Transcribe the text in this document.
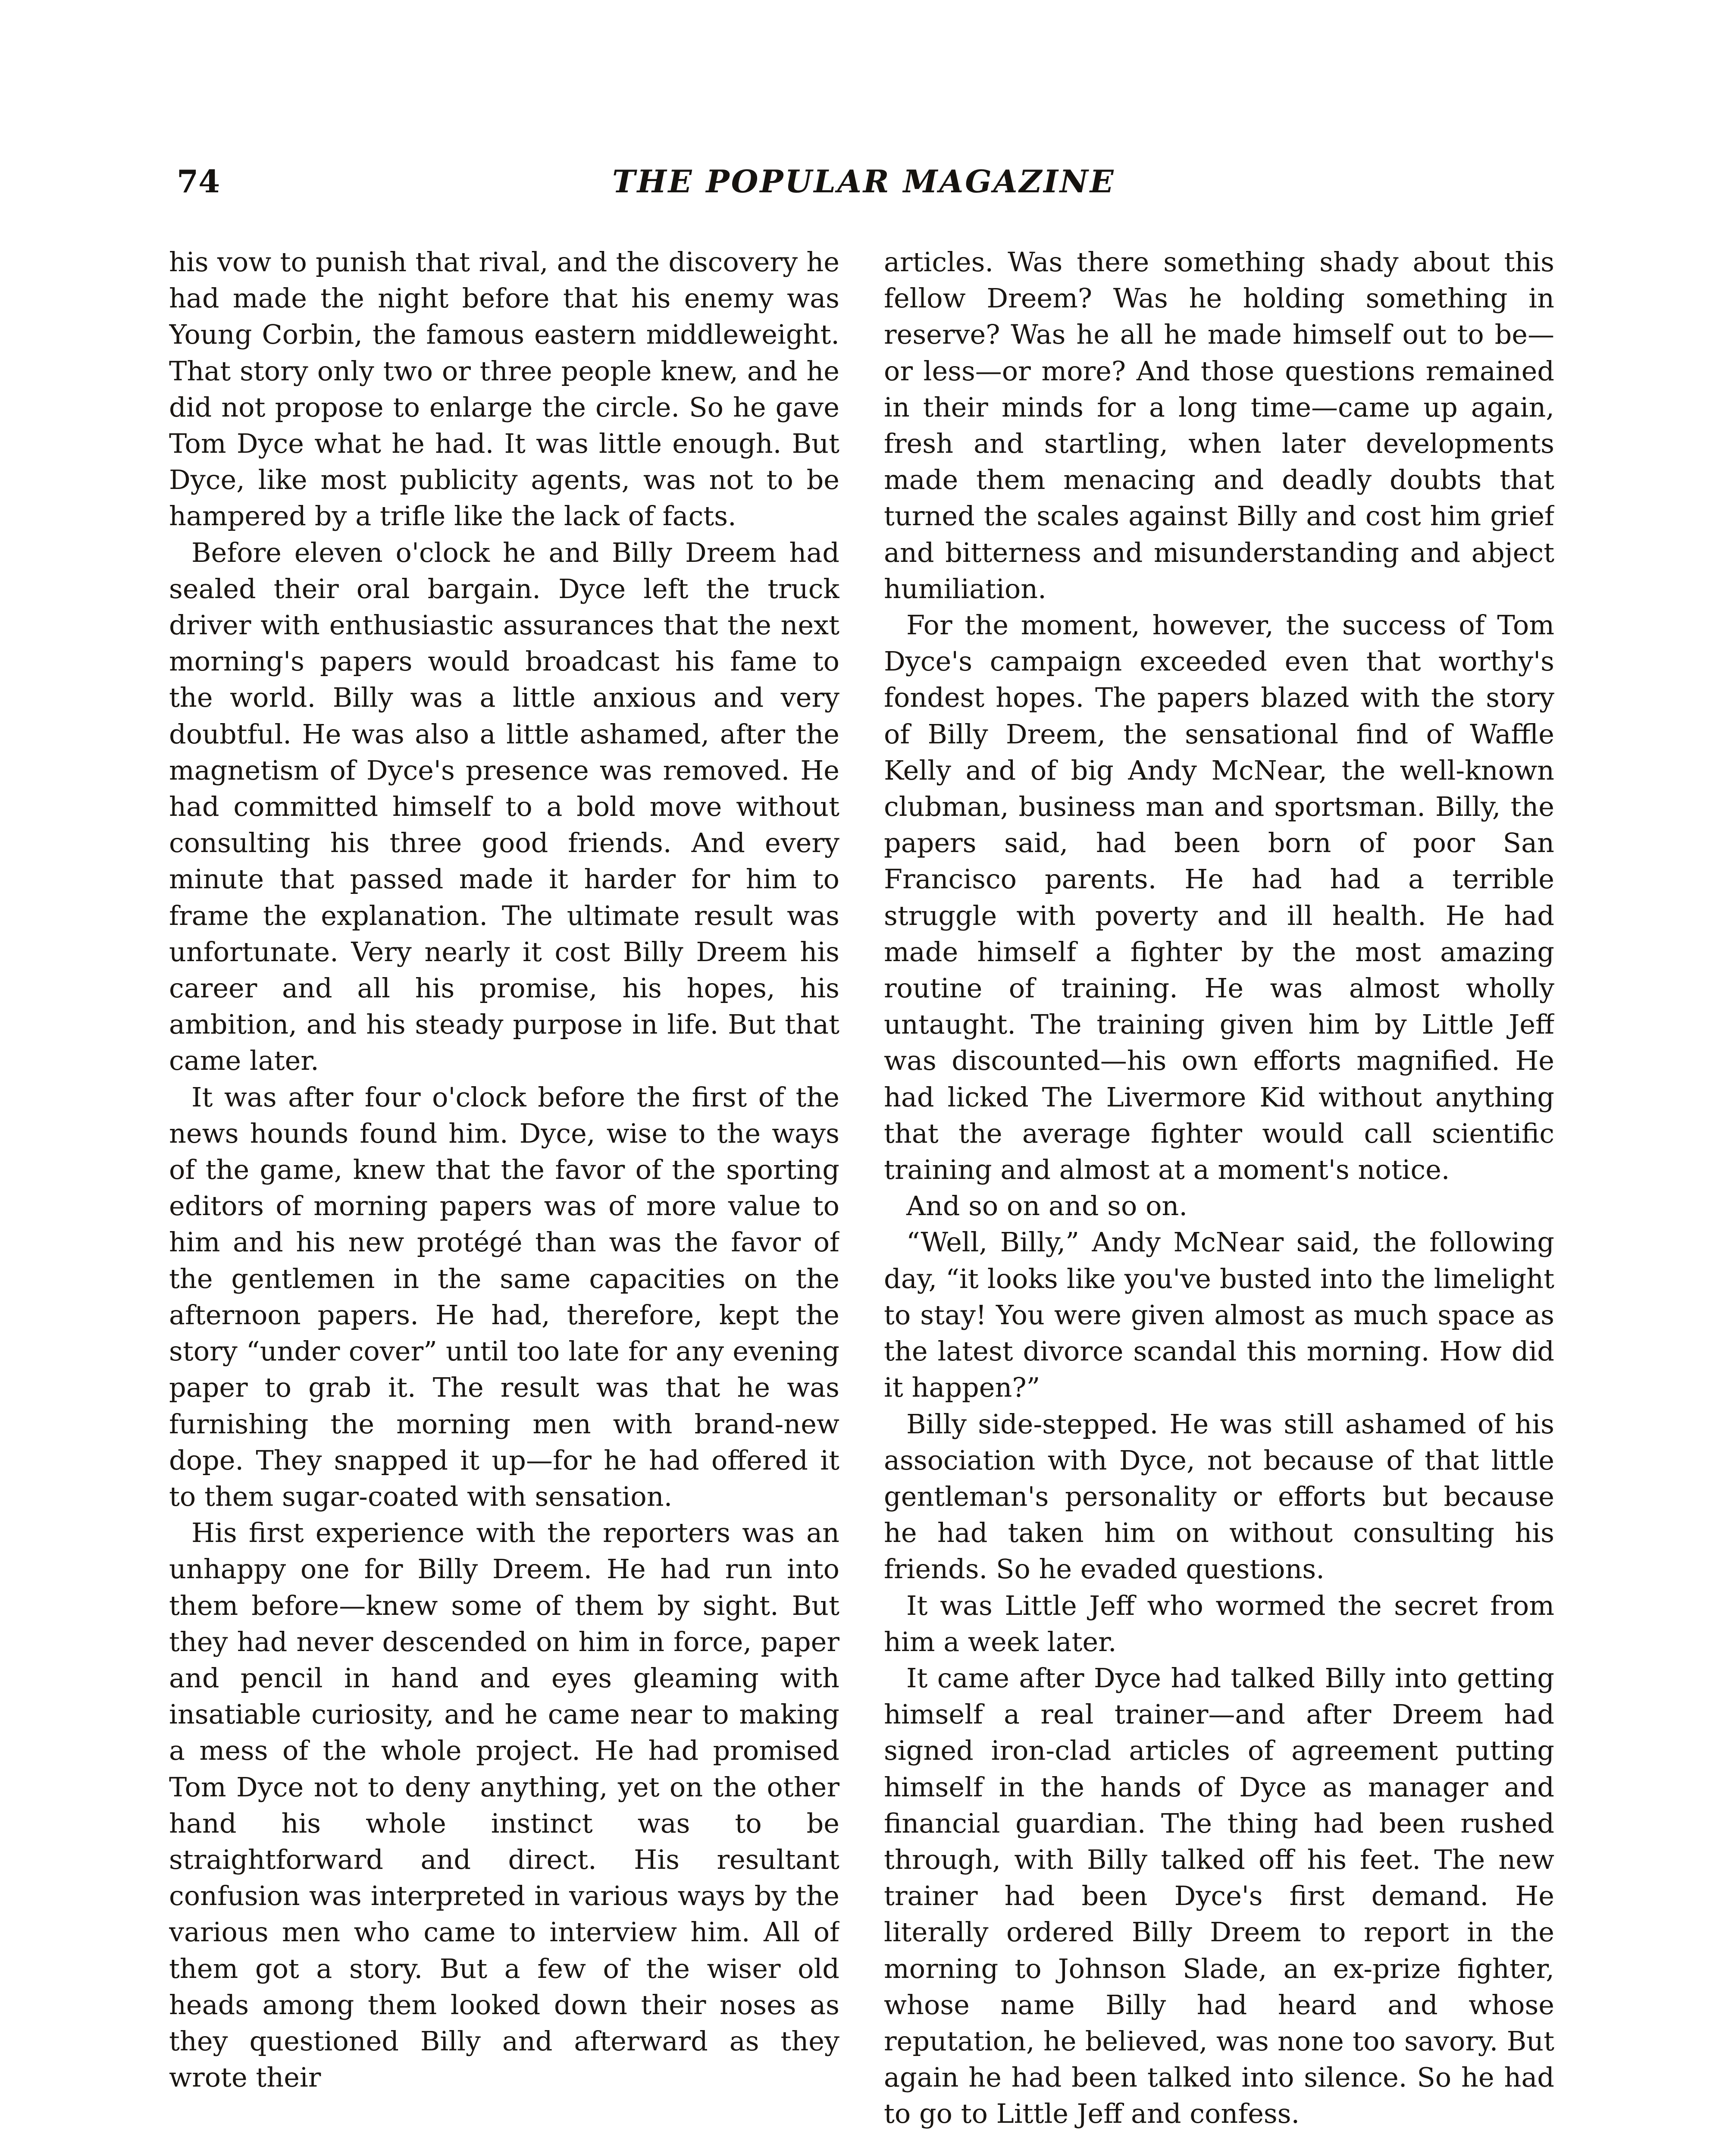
74	THE POPULAR MAGAZINE

his vow to punish that rival, and the discovery he had made the night before that his enemy was Young Corbin, the famous eastern middleweight. That story only two or three people knew, and he did not propose to enlarge the circle. So he gave Tom Dyce what he had. It was little enough. But Dyce, like most publicity agents, was not to be hampered by a trifle like the lack of facts.

Before eleven o'clock he and Billy Dreem had sealed their oral bargain. Dyce left the truck driver with enthusiastic assurances that the next morning's papers would broadcast his fame to the world. Billy was a little anxious and very doubtful. He was also a little ashamed, after the magnetism of Dyce's presence was removed. He had committed himself to a bold move without consulting his three good friends. And every minute that passed made it harder for him to frame the explanation. The ultimate result was unfortunate. Very nearly it cost Billy Dreem his career and all his promise, his hopes, his ambition, and his steady purpose in life. But that came later.

It was after four o'clock before the first of the news hounds found him. Dyce, wise to the ways of the game, knew that the favor of the sporting editors of morning papers was of more value to him and his new protégé than was the favor of the gentlemen in the same capacities on the afternoon papers. He had, therefore, kept the story “under cover” until too late for any evening paper to grab it. The result was that he was furnishing the morning men with brand-new dope. They snapped it up—for he had offered it to them sugar-coated with sensation.

His first experience with the reporters was an unhappy one for Billy Dreem. He had run into them before—knew some of them by sight. But they had never descended on him in force, paper and pencil in hand and eyes gleaming with insatiable curiosity, and he came near to making a mess of the whole project. He had promised Tom Dyce not to deny anything, yet on the other hand his whole instinct was to be straightforward and direct. His resultant confusion was interpreted in various ways by the various men who came to interview him. All of them got a story. But a few of the wiser old heads among them looked down their noses as they questioned Billy and afterward as they wrote their

articles. Was there something shady about this fellow Dreem? Was he holding something in reserve? Was he all he made himself out to be—or less—or more? And those questions remained in their minds for a long time—came up again, fresh and startling, when later developments made them menacing and deadly doubts that turned the scales against Billy and cost him grief and bitterness and misunderstanding and abject humiliation.

For the moment, however, the success of Tom Dyce's campaign exceeded even that worthy's fondest hopes. The papers blazed with the story of Billy Dreem, the sensational find of Waffle Kelly and of big Andy McNear, the well-known clubman, business man and sportsman. Billy, the papers said, had been born of poor San Francisco parents. He had had a terrible struggle with poverty and ill health. He had made himself a fighter by the most amazing routine of training. He was almost wholly untaught. The training given him by Little Jeff was discounted—his own efforts magnified. He had licked The Livermore Kid without anything that the average fighter would call scientific training and almost at a moment's notice.

And so on and so on.

“Well, Billy,” Andy McNear said, the following day, “it looks like you've busted into the limelight to stay! You were given almost as much space as the latest divorce scandal this morning. How did it happen?”

Billy side-stepped. He was still ashamed of his association with Dyce, not because of that little gentleman's personality or efforts but because he had taken him on without consulting his friends. So he evaded questions.

It was Little Jeff who wormed the secret from him a week later.

It came after Dyce had talked Billy into getting himself a real trainer—and after Dreem had signed iron-clad articles of agreement putting himself in the hands of Dyce as manager and financial guardian. The thing had been rushed through, with Billy talked off his feet. The new trainer had been Dyce's first demand. He literally ordered Billy Dreem to report in the morning to Johnson Slade, an ex-prize fighter, whose name Billy had heard and whose reputation, he believed, was none too savory. But again he had been talked into silence. So he had to go to Little Jeff and confess.
